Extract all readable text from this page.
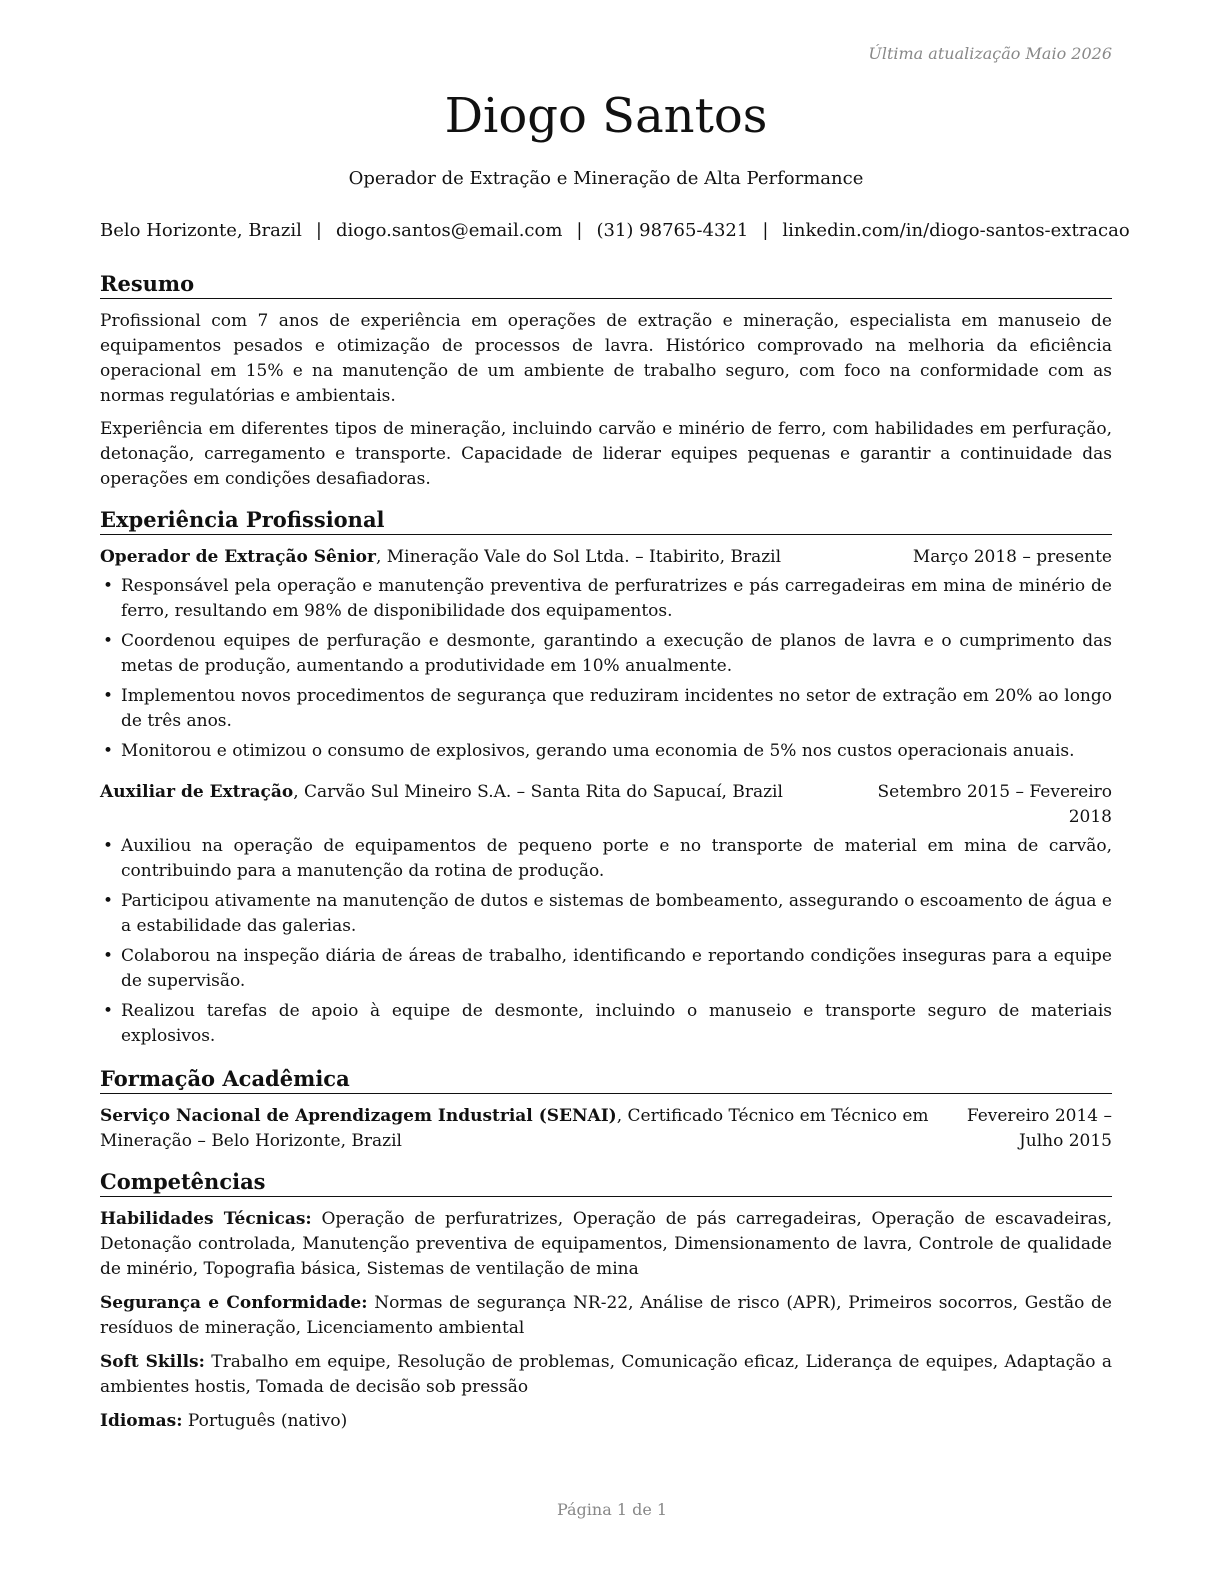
Última atualização Maio 2026
Diogo Santos
Operador de Extração e Mineração de Alta Performance
Belo Horizonte, Brazil | diogo.santos@email.com | (31) 98765-4321 | linkedin.com/in/diogo-santos-extracao
Resumo

Profissional com 7 anos de experiência em operações de extração e mineração, especialista em manuseio de equipamentos pesados e otimização de processos de lavra. Histórico comprovado na melhoria da eficiência operacional em 15% e na manutenção de um ambiente de trabalho seguro, com foco na conformidade com as normas regulatórias e ambientais.

Experiência em diferentes tipos de mineração, incluindo carvão e minério de ferro, com habilidades em perfuração, detonação, carregamento e transporte. Capacidade de liderar equipes pequenas e garantir a continuidade das operações em condições desafiadoras.

Experiência Profissional
Operador de Extração Sênior, Mineração Vale do Sol Ltda. – Itabirito, Brazil	Março 2018 – presente
• Responsável pela operação e manutenção preventiva de perfuratrizes e pás carregadeiras em mina de minério de ferro, resultando em 98% de disponibilidade dos equipamentos.
• Coordenou equipes de perfuração e desmonte, garantindo a execução de planos de lavra e o cumprimento das metas de produção, aumentando a produtividade em 10% anualmente.
• Implementou novos procedimentos de segurança que reduziram incidentes no setor de extração em 20% ao longo de três anos.
• Monitorou e otimizou o consumo de explosivos, gerando uma economia de 5% nos custos operacionais anuais.
Auxiliar de Extração, Carvão Sul Mineiro S.A. – Santa Rita do Sapucaí, Brazil	Setembro 2015 – Fevereiro 2018
• Auxiliou na operação de equipamentos de pequeno porte e no transporte de material em mina de carvão, contribuindo para a manutenção da rotina de produção.
• Participou ativamente na manutenção de dutos e sistemas de bombeamento, assegurando o escoamento de água e a estabilidade das galerias.
• Colaborou na inspeção diária de áreas de trabalho, identificando e reportando condições inseguras para a equipe de supervisão.
• Realizou tarefas de apoio à equipe de desmonte, incluindo o manuseio e transporte seguro de materiais explosivos.
Formação Acadêmica
Serviço Nacional de Aprendizagem Industrial (SENAI), Certificado Técnico em Técnico em Mineração – Belo Horizonte, Brazil
Fevereiro 2014 – Julho 2015
Competências

Habilidades Técnicas: Operação de perfuratrizes, Operação de pás carregadeiras, Operação de escavadeiras, Detonação controlada, Manutenção preventiva de equipamentos, Dimensionamento de lavra, Controle de qualidade de minério, Topografia básica, Sistemas de ventilação de mina

Segurança e Conformidade: Normas de segurança NR-22, Análise de risco (APR), Primeiros socorros, Gestão de resíduos de mineração, Licenciamento ambiental

Soft Skills: Trabalho em equipe, Resolução de problemas, Comunicação eficaz, Liderança de equipes, Adaptação a ambientes hostis, Tomada de decisão sob pressão

Idiomas: Português (nativo)

Página 1 de 1
